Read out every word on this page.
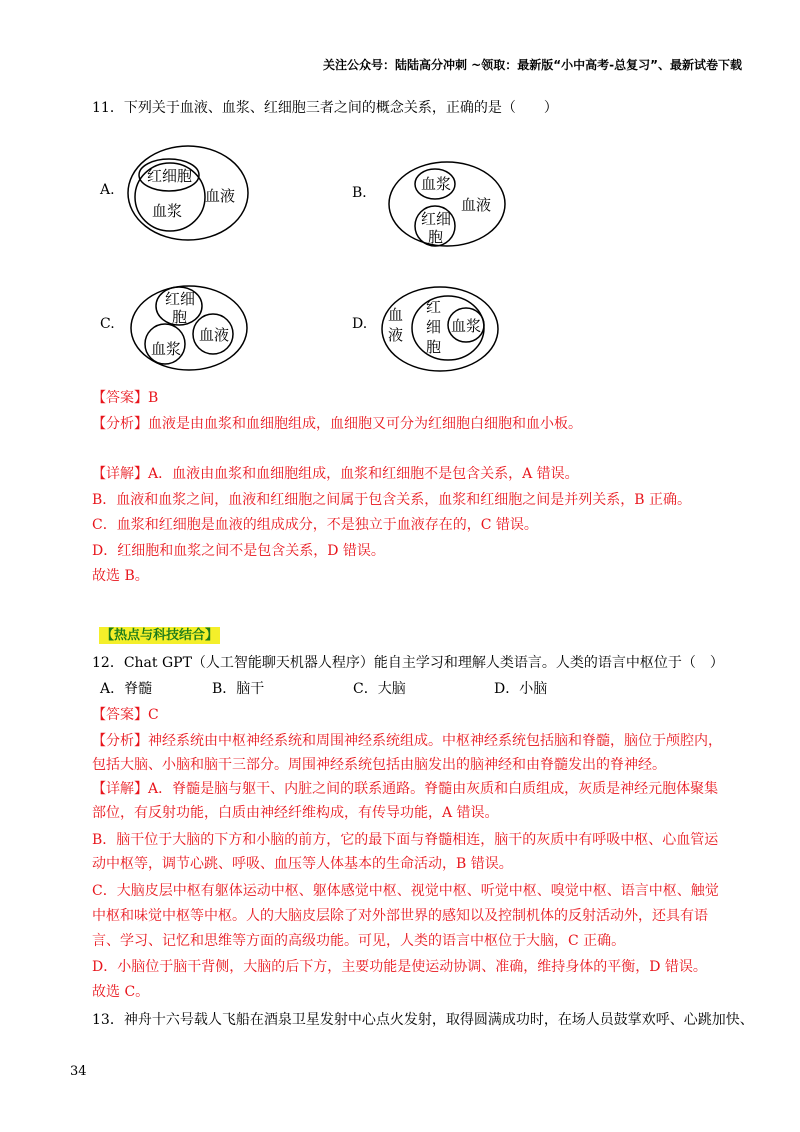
关注公众号：陆陆高分冲刺 ~领取：最新版“小中高考-总复习”、最新试卷下载
11．下列关于血液、血浆、红细胞三者之间的概念关系，正确的是（　　）
A.
红细胞
血浆
血液	B．	血浆
红细
胞
血液
C.
红细
胞
血浆
血液
D. 血
液
红
细
胞
血浆
【答案】B
【分析】血液是由血浆和血细胞组成，血细胞又可分为红细胞白细胞和血小板。
【详解】A．血液由血浆和血细胞组成，血浆和红细胞不是包含关系，A 错误。
B．血液和血浆之间，血液和红细胞之间属于包含关系，血浆和红细胞之间是并列关系，B 正确。
C．血浆和红细胞是血液的组成成分，不是独立于血液存在的，C 错误。
D．红细胞和血浆之间不是包含关系，D 错误。
故选 B。
【热点与科技结合】
12．Chat GPT（人工智能聊天机器人程序）能自主学习和理解人类语言。人类的语言中枢位于（　）
A．脊髓	B．脑干	C．大脑	D．小脑
【答案】C
【分析】神经系统由中枢神经系统和周围神经系统组成。中枢神经系统包括脑和脊髓，脑位于颅腔内，
包括大脑、小脑和脑干三部分。周围神经系统包括由脑发出的脑神经和由脊髓发出的脊神经。
【详解】A．脊髓是脑与躯干、内脏之间的联系通路。脊髓由灰质和白质组成，灰质是神经元胞体聚集
部位，有反射功能，白质由神经纤维构成，有传导功能，A 错误。
B．脑干位于大脑的下方和小脑的前方，它的最下面与脊髓相连，脑干的灰质中有呼吸中枢、心血管运
动中枢等，调节心跳、呼吸、血压等人体基本的生命活动，B 错误。
C．大脑皮层中枢有躯体运动中枢、躯体感觉中枢、视觉中枢、听觉中枢、嗅觉中枢、语言中枢、触觉
中枢和味觉中枢等中枢。人的大脑皮层除了对外部世界的感知以及控制机体的反射活动外，还具有语
言、学习、记忆和思维等方面的高级功能。可见，人类的语言中枢位于大脑，C 正确。
D．小脑位于脑干背侧，大脑的后下方，主要功能是使运动协调、准确，维持身体的平衡，D 错误。
故选 C。
13．神舟十六号载人飞船在酒泉卫星发射中心点火发射，取得圆满成功时，在场人员鼓掌欢呼、心跳加快、
34
